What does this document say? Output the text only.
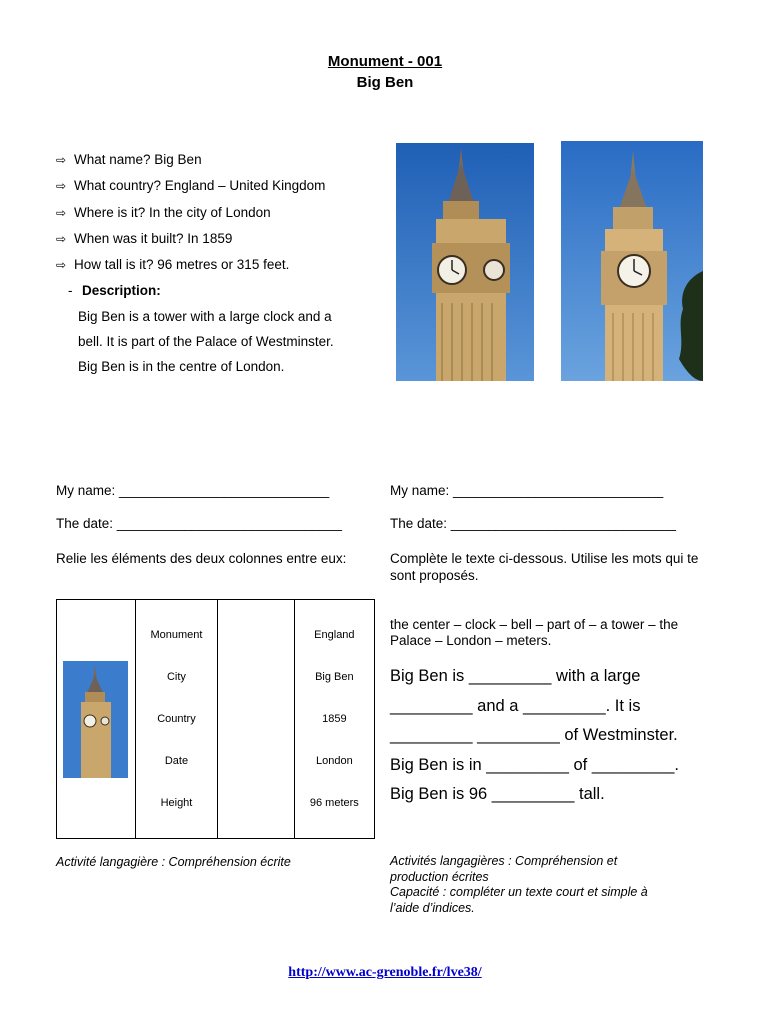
Monument - 001
Big Ben
⇨ What name? Big Ben
⇨ What country? England – United Kingdom
⇨ Where is it? In the city of London
⇨ When was it built? In 1859
⇨ How tall is it? 96 metres or 315 feet.
- Description:
Big Ben is a tower with a large clock and a
bell. It is part of the Palace of Westminster.
Big Ben is in the centre of London.
My name: ____________________________
The date: ______________________________
Relie les éléments des deux colonnes entre eux:

Monument
City
Country
Date
Height

England
Big Ben
1859
London
96 meters
Activité langagière : Compréhension écrite
My name: ____________________________
The date: ______________________________
Complète le texte ci-dessous. Utilise les mots qui te sont proposés.
the center – clock – bell – part of – a tower – the Palace – London – meters.
Big Ben is _________ with a large
_________ and a _________. It is
_________ _________ of Westminster.
Big Ben is in _________ of _________.
Big Ben is 96 _________ tall.
Activités langagières : Compréhension et
production écrites
Capacité : compléter un texte court et simple à
l’aide d’indices.
http://www.ac-grenoble.fr/lve38/
